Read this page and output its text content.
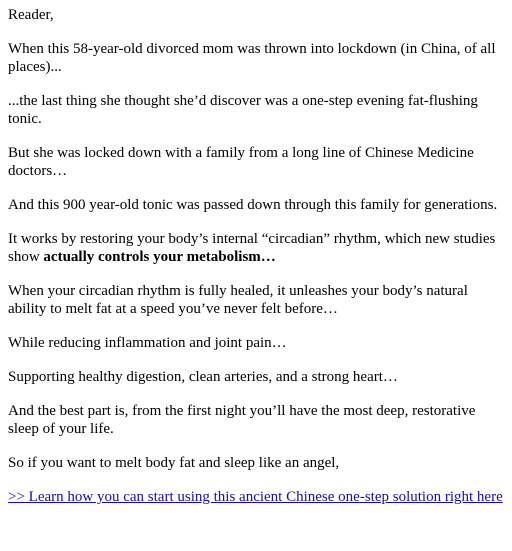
Reader,

When this 58-year-old divorced mom was thrown into lockdown (in China, of all places)...

...the last thing she thought she’d discover was a one-step evening fat-flushing tonic.

But she was locked down with a family from a long line of Chinese Medicine doctors…

And this 900 year-old tonic was passed down through this family for generations.

It works by restoring your body’s internal “circadian” rhythm, which new studies show actually controls your metabolism…

When your circadian rhythm is fully healed, it unleashes your body’s natural ability to melt fat at a speed you’ve never felt before…

While reducing inflammation and joint pain…

Supporting healthy digestion, clean arteries, and a strong heart…

And the best part is, from the first night you’ll have the most deep, restorative sleep of your life.

So if you want to melt body fat and sleep like an angel,

>> Learn how you can start using this ancient Chinese one-step solution right here
